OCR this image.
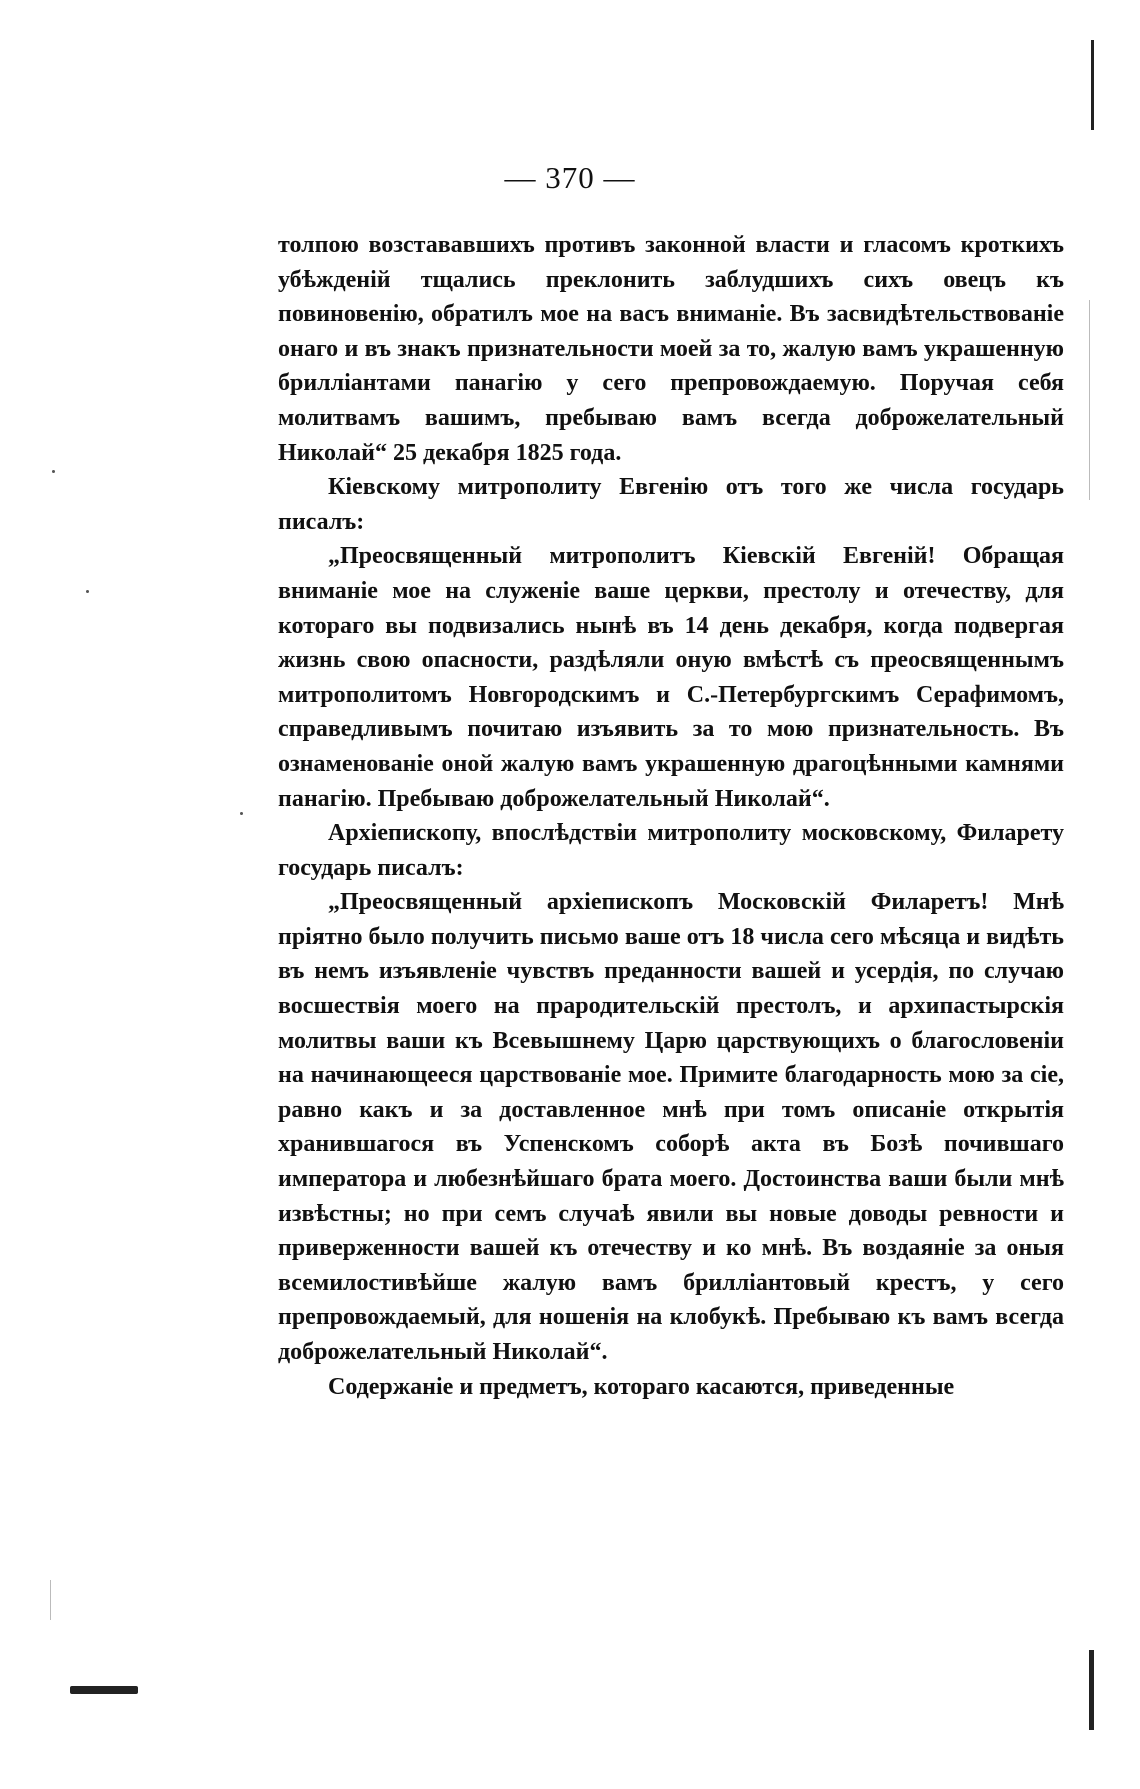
— 370 —

толпою возстававшихъ противъ законной власти и гласомъ кроткихъ убѣжденій тщались преклонить заблудшихъ сихъ овецъ къ повиновенію, обратилъ мое на васъ вниманіе. Въ засвидѣтельствованіе онаго и въ знакъ признательности моей за то, жалую вамъ украшенную бриллiантами панагію у сего препровождаемую. Поручая себя молитвамъ вашимъ, пребываю вамъ всегда доброжелательный Николай“ 25 декабря 1825 года.

Кіевскому митрополиту Евгенію отъ того же числа государь писалъ:

„Преосвященный митрополитъ Кіевскій Евгеній! Обращая вниманіе мое на служеніе ваше церкви, престолу и отечеству, для котораго вы подвизались нынѣ въ 14 день декабря, когда подвергая жизнь свою опасности, раздѣляли оную вмѣстѣ съ преосвященнымъ митрополитомъ Новгородскимъ и С.-Петербургскимъ Серафимомъ, справедливымъ почитаю изъявить за то мою признательность. Въ ознаменованіе оной жалую вамъ украшенную драгоцѣнными камнями панагію. Пребываю доброжелательный Николай“.

Архіепископу, впослѣдствіи митрополиту московскому, Филарету государь писалъ:

„Преосвященный архіепископъ Московскій Филаретъ! Мнѣ пріятно было получить письмо ваше отъ 18 числа сего мѣсяца и видѣть въ немъ изъявленіе чувствъ преданности вашей и усердія, по случаю восшествія моего на прародительскій престолъ, и архипастырскія молитвы ваши къ Всевышнему Царю царствующихъ о благословеніи на начинающееся царствованіе мое. Примите благодарность мою за сіе, равно какъ и за доставленное мнѣ при томъ описаніе открытія хранившагося въ Успенскомъ соборѣ акта въ Бозѣ почившаго императора и любезнѣйшаго брата моего. Достоинства ваши были мнѣ извѣстны; но при семъ случаѣ явили вы новые доводы ревности и приверженности вашей къ отечеству и ко мнѣ. Въ воздаяніе за оныя всемилостивѣйше жалую вамъ бриллiантовый крестъ, у сего препровождаемый, для ношенія на клобукѣ. Пребываю къ вамъ всегда доброжелательный Николай“.

Содержаніе и предметъ, котораго касаются, приведенные
